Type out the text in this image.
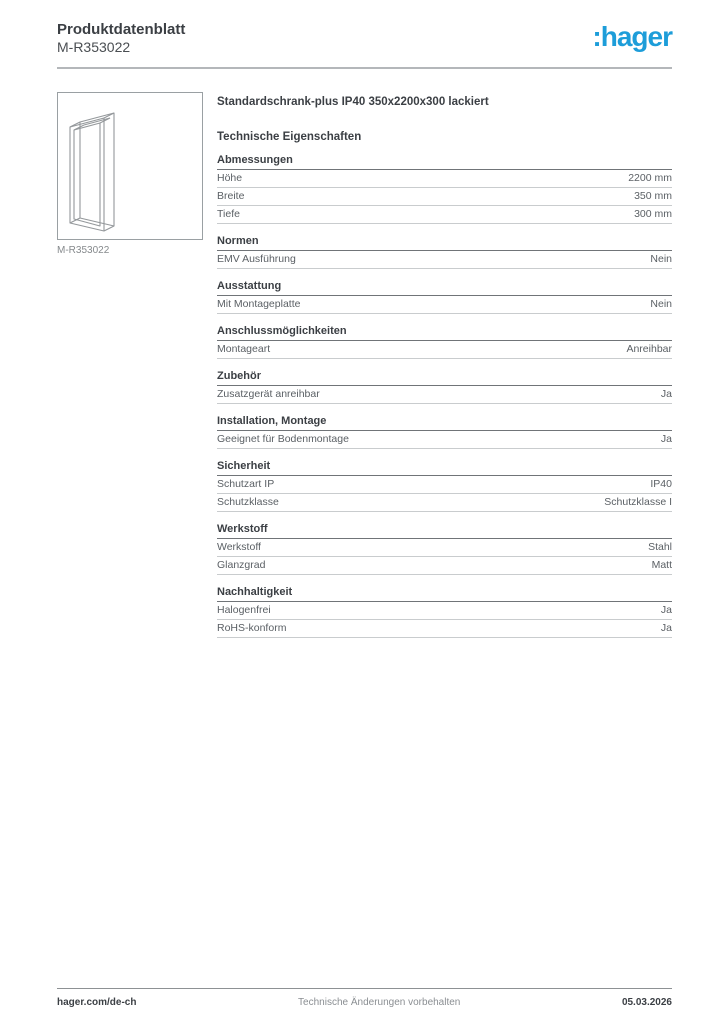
Produktdatenblatt
M-R353022	:hager
M-R353022
Standardschrank-plus IP40 350x2200x300 lackiert
Technische Eigenschaften
Abmessungen
Höhe	2200 mm
Breite	350 mm
Tiefe	300 mm
Normen
EMV Ausführung	Nein
Ausstattung
Mit Montageplatte	Nein
Anschlussmöglichkeiten
Montageart	Anreihbar
Zubehör
Zusatzgerät anreihbar	Ja
Installation, Montage
Geeignet für Bodenmontage	Ja
Sicherheit
Schutzart IP	IP40
Schutzklasse	Schutzklasse I
Werkstoff
Werkstoff	Stahl
Glanzgrad	Matt
Nachhaltigkeit
Halogenfrei	Ja
RoHS-konform	Ja
hager.com/de-ch	Technische Änderungen vorbehalten	05.03.2026
